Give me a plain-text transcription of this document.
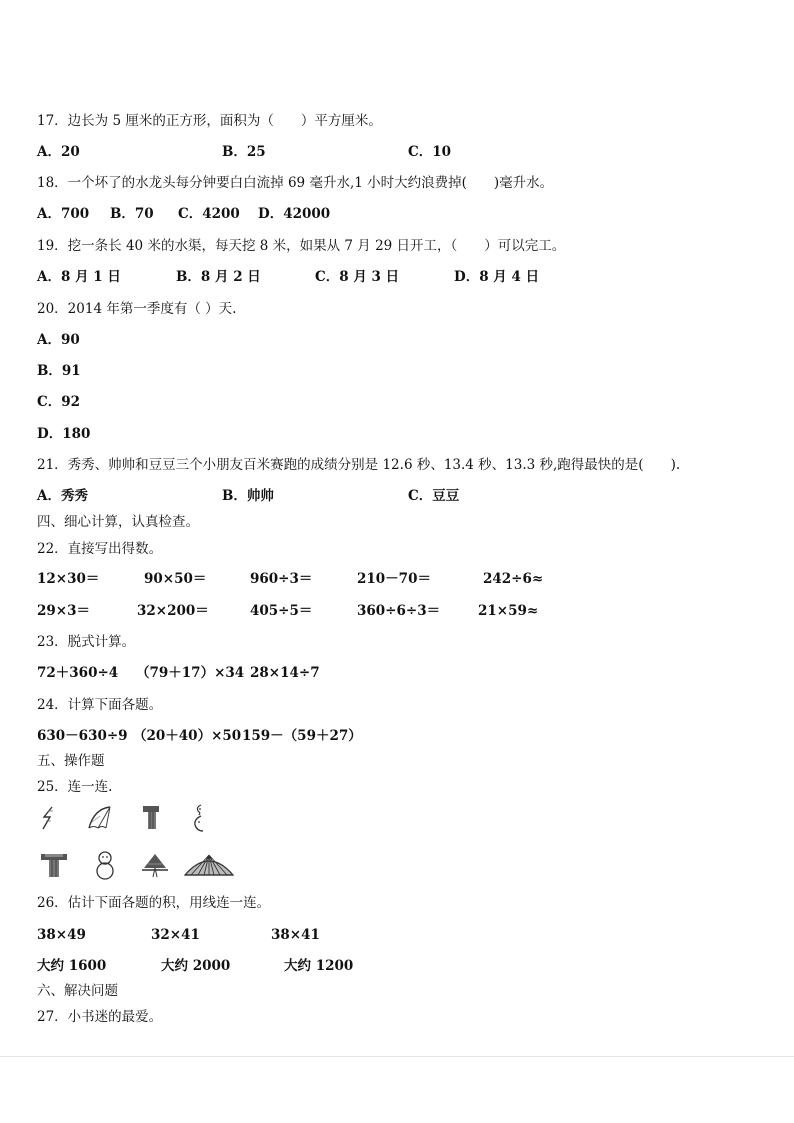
17．边长为 5 厘米的正方形，面积为（　　）平方厘米。
A．20	B．25	C．10
18．一个坏了的水龙头每分钟要白白流掉 69 毫升水,1 小时大约浪费掉(　　)毫升水。
A．700 B．70 C．4200 D．42000
19．挖一条长 40 米的水渠，每天挖 8 米，如果从 7 月 29 日开工，（　　）可以完工。
A．8 月 1 日	B．8 月 2 日	C．8 月 3 日	D．8 月 4 日
20．2014 年第一季度有（ ）天.
A．90
B．91
C．92
D．180
21．秀秀、帅帅和豆豆三个小朋友百米赛跑的成绩分别是 12.6 秒、13.4 秒、13.3 秒,跑得最快的是(　　).
A．秀秀	B．帅帅	C．豆豆
四、细心计算，认真检查。
22．直接写出得数。
12×30＝	90×50＝	960÷3＝	210－70＝	242÷6≈
29×3＝	32×200＝	405÷5＝	360÷6÷3＝	21×59≈
23．脱式计算。
72＋360÷4 （79＋17）×34 28×14÷7
24．计算下面各题。
630－630÷9 （20＋40）×50 159－（59＋27）
五、操作题
25．连一连.
26．估计下面各题的积，用线连一连。
38×49	32×41	38×41
大约 1600	大约 2000	大约 1200
六、解决问题
27．小书迷的最爱。
